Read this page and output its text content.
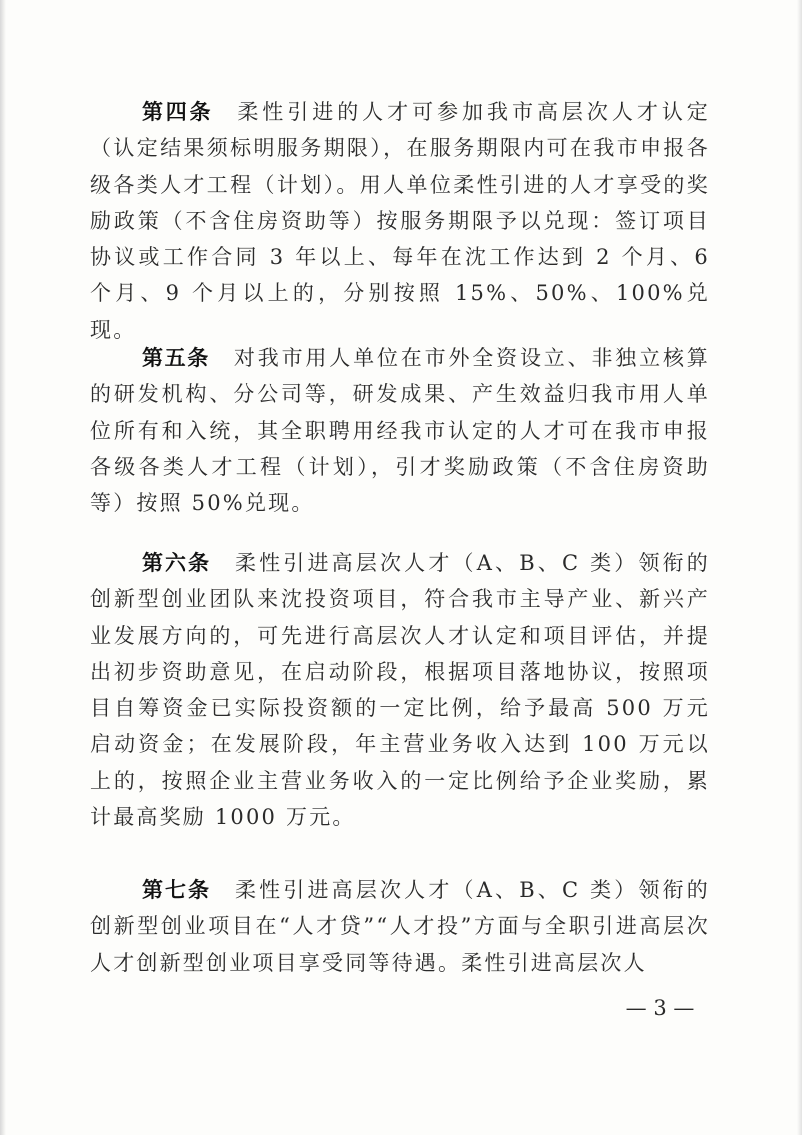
第四条 柔性引进的人才可参加我市高层次人才认定（认定结果须标明服务期限），在服务期限内可在我市申报各级各类人才工程（计划）。用人单位柔性引进的人才享受的奖励政策（不含住房资助等）按服务期限予以兑现：签订项目协议或工作合同 3 年以上、每年在沈工作达到 2 个月、6 个月、9 个月以上的，分别按照 15%、50%、100%兑现。

第五条 对我市用人单位在市外全资设立、非独立核算的研发机构、分公司等，研发成果、产生效益归我市用人单位所有和入统，其全职聘用经我市认定的人才可在我市申报各级各类人才工程（计划），引才奖励政策（不含住房资助等）按照 50%兑现。

第六条 柔性引进高层次人才（A、B、C 类）领衔的创新型创业团队来沈投资项目，符合我市主导产业、新兴产业发展方向的，可先进行高层次人才认定和项目评估，并提出初步资助意见，在启动阶段，根据项目落地协议，按照项目自筹资金已实际投资额的一定比例，给予最高 500 万元启动资金；在发展阶段，年主营业务收入达到 100 万元以上的，按照企业主营业务收入的一定比例给予企业奖励，累计最高奖励 1000 万元。

第七条 柔性引进高层次人才（A、B、C 类）领衔的创新型创业项目在“人才贷”“人才投”方面与全职引进高层次人才创新型创业项目享受同等待遇。柔性引进高层次人

— 3 —
